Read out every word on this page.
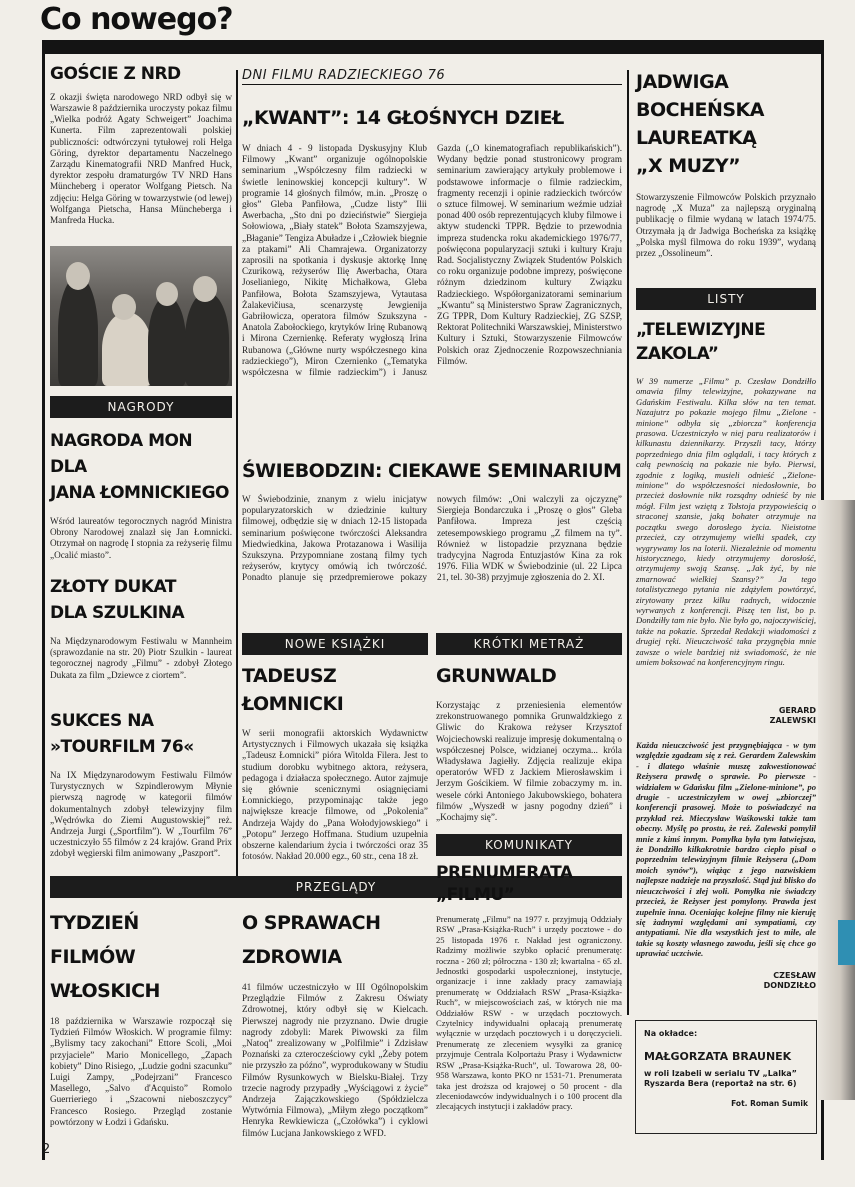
Co nowego?
GOŚCIE Z NRD
Z okazji święta narodowego NRD odbył się w Warszawie 8 października uroczysty pokaz filmu „Wielka podróż Agaty Schweigert” Joachima Kunerta. Film zaprezentowali polskiej publiczności: odtwórczyni tytułowej roli Helga Göring, dyrektor departamentu Naczelnego Zarządu Kinematografii NRD Manfred Huck, dyrektor zespołu dramaturgów TV NRD Hans Müncheberg i operator Wolfgang Pietsch. Na zdjęciu: Helga Göring w towarzystwie (od lewej) Wolfganga Pietscha, Hansa Müncheberga i Manfreda Hucka.
NAGRODY
NAGRODA MON
DLA
JANA ŁOMNICKIEGO
Wśród laureatów tegorocznych nagród Ministra Obrony Narodowej znalazł się Jan Łomnicki. Otrzymał on nagrodę I stopnia za reżyserię filmu „Ocalić miasto”.
ZŁOTY DUKAT
DLA SZULKINA
Na Międzynarodowym Festiwalu w Mannheim (sprawozdanie na str. 20) Piotr Szulkin - laureat tegorocznej nagrody „Filmu” - zdobył Złotego Dukata za film „Dziewce z ciortem”.
SUKCES NA
»TOURFILM 76«
Na IX Międzynarodowym Festiwalu Filmów Turystycznych w Szpindlerowym Młynie pierwszą nagrodę w kategorii filmów dokumentalnych zdobył telewizyjny film „Wędrówka do Ziemi Augustowskiej” reż. Andrzeja Jurgi („Sportfilm”). W „Tourfilm 76” uczestniczyło 55 filmów z 24 krajów. Grand Prix zdobył węgierski film animowany „Paszport”.
PRZEGLĄDY
TYDZIEŃ
FILMÓW
WŁOSKICH
18 października w Warszawie rozpoczął się Tydzień Filmów Włoskich. W programie filmy: „Bylismy tacy zakochani” Ettore Scoli, „Moi przyjaciele” Mario Monicellego, „Zapach kobiety” Dino Risiego, „Ludzie godni szacunku” Luigi Zampy, „Podejrzani” Francesco Masellego, „Salvo d'Acquisto” Romolo Guerrieriego i „Szacowni nieboszczycy” Francesco Rosiego. Przegląd zostanie powtórzony w Łodzi i Gdańsku.
DNI FILMU RADZIECKIEGO 76
„KWANT”: 14 GŁOŚNYCH DZIEŁ
W dniach 4 - 9 listopada Dyskusyjny Klub Filmowy „Kwant” organizuje ogólnopolskie seminarium „Współczesny film radziecki w świetle leninowskiej koncepcji kultury”. W programie 14 głośnych filmów, m.in. „Proszę o głos” Gleba Panfiłowa, „Cudze listy” Ilii Awerbacha, „Sto dni po dzieciństwie” Siergieja Sołowiowa, „Biały statek” Bołota Szamszyjewa, „Błaganie” Tengiza Abuładze i „Człowiek biegnie za ptakami” Ali Chamrajewa. Organizatorzy zaprosili na spotkania i dyskusje aktorkę Innę Czurikową, reżyserów Ilię Awerbacha, Otara Joselianiego, Nikitę Michałkowa, Gleba Panfiłowa, Bołota Szamszyjewa, Vytautasa Żalakevičiusa, scenarzystę Jewgienija Gabriłowicza, operatora filmów Szukszyna - Anatola Zabołockiego, krytyków Irinę Rubanową i Mirona Czernienkę. Referaty wygłoszą Irina Rubanowa („Główne nurty współczesnego kina radzieckiego”), Miron Czernienko („Tematyka współczesna w filmie radzieckim”) i Janusz Gazda („O kinematografiach republikańskich”). Wydany będzie ponad stustronicowy program seminarium zawierający artykuły problemowe i podstawowe informacje o filmie radzieckim, fragmenty recenzji i opinie radzieckich twórców o sztuce filmowej. W seminarium weźmie udział ponad 400 osób reprezentujących kluby filmowe i aktyw studencki TPPR. Będzie to przewodnia impreza studencka roku akademickiego 1976/77, poświęcona popularyzacji sztuki i kultury Kraju Rad. Socjalistyczny Związek Studentów Polskich co roku organizuje podobne imprezy, poświęcone różnym dziedzinom kultury Związku Radzieckiego. Współorganizatorami seminarium „Kwantu” są Ministerstwo Spraw Zagranicznych, ZG TPPR, Dom Kultury Radzieckiej, ZG SZSP, Rektorat Politechniki Warszawskiej, Ministerstwo Kultury i Sztuki, Stowarzyszenie Filmowców Polskich oraz Zjednoczenie Rozpowszechniania Filmów.
ŚWIEBODZIN: CIEKAWE SEMINARIUM
W Świebodzinie, znanym z wielu inicjatyw popularyzatorskich w dziedzinie kultury filmowej, odbędzie się w dniach 12-15 listopada seminarium poświęcone twórczości Aleksandra Miedwiedkina, Jakowa Protazanowa i Wasilija Szukszyna. Przypomniane zostaną filmy tych reżyserów, krytycy omówią ich twórczość. Ponadto planuje się przedpremierowe pokazy nowych filmów: „Oni walczyli za ojczyznę” Siergieja Bondarczuka i „Proszę o głos” Gleba Panfiłowa. Impreza jest częścią zetesempowskiego programu „Z filmem na ty”. Również w listopadzie przyznana będzie tradycyjna Nagroda Entuzjastów Kina za rok 1976. Filia WDK w Świebodzinie (ul. 22 Lipca 21, tel. 30-38) przyjmuje zgłoszenia do 2. XI.
NOWE KSIĄŻKI
TADEUSZ
ŁOMNICKI
W serii monografii aktorskich Wydawnictw Artystycznych i Filmowych ukazała się książka „Tadeusz Łomnicki” pióra Witolda Filera. Jest to studium dorobku wybitnego aktora, reżysera, pedagoga i działacza społecznego. Autor zajmuje się głównie scenicznymi osiągnięciami Łomnickiego, przypominając także jego największe kreacje filmowe, od „Pokolenia” Andrzeja Wajdy do „Pana Wołodyjowskiego” i „Potopu” Jerzego Hoffmana. Studium uzupełnia obszerne kalendarium życia i twórczości oraz 35 fotosów. Nakład 20.000 egz., 60 str., cena 18 zł.
KRÓTKI METRAŻ
GRUNWALD
Korzystając z przeniesienia elementów zrekonstruowanego pomnika Grunwaldzkiego z Gliwic do Krakowa reżyser Krzysztof Wojciechowski realizuje impresję dokumentalną o współczesnej Polsce, widzianej oczyma... króla Władysława Jagiełły. Zdjęcia realizuje ekipa operatorów WFD z Jackiem Mierosławskim i Jerzym Gościkiem. W filmie zobaczymy m. in. wesele córki Antoniego Jakubowskiego, bohatera filmów „Wyszedł w jasny pogodny dzień” i „Kochajmy się”.
O SPRAWACH
ZDROWIA
41 filmów uczestniczyło w III Ogólnopolskim Przeglądzie Filmów z Zakresu Oświaty Zdrowotnej, który odbył się w Kielcach. Pierwszej nagrody nie przyznano. Dwie drugie nagrody zdobyli: Marek Piwowski za film „Natoq” zrealizowany w „Polfilmie” i Zdzisław Poznański za czterocześciowy cykl „Żeby potem nie przyszło za późno”, wyprodukowany w Studiu Filmów Rysunkowych w Bielsku-Białej. Trzy trzecie nagrody przypadły „Wyściągowi z życie” Andrzeja Zajączkowskiego (Spółdzielcza Wytwórnia Filmowa), „Miłym złego początkom” Henryka Rewkiewicza („Czołówka”) i cyklowi filmów Lucjana Jankowskiego z WFD.
KOMUNIKATY
PRENUMERATA
„FILMU”
Prenumeratę „Filmu” na 1977 r. przyjmują Oddziały RSW „Prasa-Książka-Ruch” i urzędy pocztowe - do 25 listopada 1976 r. Nakład jest ograniczony. Radzimy możliwie szybko opłacić prenumeratę: roczna - 260 zł; półroczna - 130 zł; kwartalna - 65 zł. Jednostki gospodarki uspołecznionej, instytucje, organizacje i inne zakłady pracy zamawiają prenumeratę w Oddziałach RSW „Prasa-Książka-Ruch”, w miejscowościach zaś, w których nie ma Oddziałów RSW - w urzędach pocztowych. Czytelnicy indywidualni opłacają prenumeratę wyłącznie w urzędach pocztowych i u doręczycieli. Prenumeratę ze zleceniem wysyłki za granicę przyjmuje Centrala Kolportażu Prasy i Wydawnictw RSW „Prasa-Książka-Ruch”, ul. Towarowa 28, 00-958 Warszawa, konto PKO nr 1531-71. Prenumerata taka jest droższa od krajowej o 50 procent - dla zleceniodawców indywidualnych i o 100 procent dla zlecających instytucji i zakładów pracy.
JADWIGA
BOCHEŃSKA
LAUREATKĄ
„X MUZY”
Stowarzyszenie Filmowców Polskich przyznało nagrodę „X Muza” za najlepszą oryginalną publikację o filmie wydaną w latach 1974/75. Otrzymała ją dr Jadwiga Bocheńska za książkę „Polska myśl filmowa do roku 1939”, wydaną przez „Ossolineum”.
LISTY
„TELEWIZYJNE
ZAKOLA”
W 39 numerze „Filmu” p. Czesław Dondziłło omawia filmy telewizyjne, pokazywane na Gdańskim Festiwalu. Kilka słów na ten temat. Nazajutrz po pokazie mojego filmu „Zielone - minione” odbyła się „zbiorcza” konferencja prasowa. Uczestniczyło w niej paru realizatorów i kilkunastu dziennikarzy. Przyszli tacy, którzy poprzedniego dnia film oglądali, i tacy których z całą pewnością na pokazie nie było. Pierwsi, zgodnie z logiką, musieli odnieść „Zielone-minione” do współczesności niedosłownie, bo przecież dosłownie nikt rozsądny odnieść by nie mógł. Film jest wziętą z Tołstoja przypowieścią o straconej szansie, jaką bohater otrzymuje na początku swego dorosłego życia. Nieistotne przecież, czy otrzymujemy wielki spadek, czy wygrywamy los na loterii. Niezależnie od momentu historycznego, kiedy otrzymujemy dorosłość, otrzymujemy swoją Szansę. „Jak żyć, by nie zmarnować wielkiej Szansy?” Ja tego totalistycznego pytania nie zdążyłem powtórzyć, zirytowany przez kilku radnych, widocznie wyrwanych z konferencji. Piszę ten list, bo p. Dondziłły tam nie było. Nie było go, najoczywiściej, także na pokazie. Sprzedał Redakcji wiadomości z drugiej ręki. Nieuczciwość taka przygnębia mnie zawsze o wiele bardziej niż swiadomość, że nie umiem boksować na konferencyjnym ringu.
GERARD
ZALEWSKI
Każda nieuczciwość jest przygnębiająca - w tym względzie zgadzam się z reż. Gerardem Zalewskim - i dlatego właśnie muszę zakwestionować Reżysera prawdę o sprawie. Po pierwsze - widziałem w Gdańsku film „Zielone-minione”, po drugie - uczestniczyłem w owej „zbiorczej” konferencji prasowej. Może to poświadczyć na przykład reż. Mieczysław Waśkowski także tam obecny. Myślę po prostu, że reż. Zalewski pomylił mnie z kimś innym. Pomyłka była tym łatwiejsza, że Dondziłło kilkakrotnie bardzo ciepło pisał o poprzednim telewizyjnym filmie Reżysera („Dom moich synów”), wiążąc z jego nazwiskiem najlepsze nadzieje na przyszłość. Stąd już blisko do nieuczciwości i złej woli. Pomyłka nie świadczy przecież, że Reżyser jest pomylony. Prawda jest zupełnie inna. Oceniając kolejne filmy nie kieruję się żadnymi względami ani sympatiami, czy antypatiami. Nie dla wszystkich jest to miłe, ale takie są koszty własnego zawodu, jeśli się chce go uprawiać uczciwie.
CZESŁAW
DONDZIŁŁO
Na okładce:
MAŁGORZATA BRAUNEK
w roli Izabeli w serialu TV „Lalka” Ryszarda Bera (reportaż na str. 6)
Fot. Roman Sumik
2
